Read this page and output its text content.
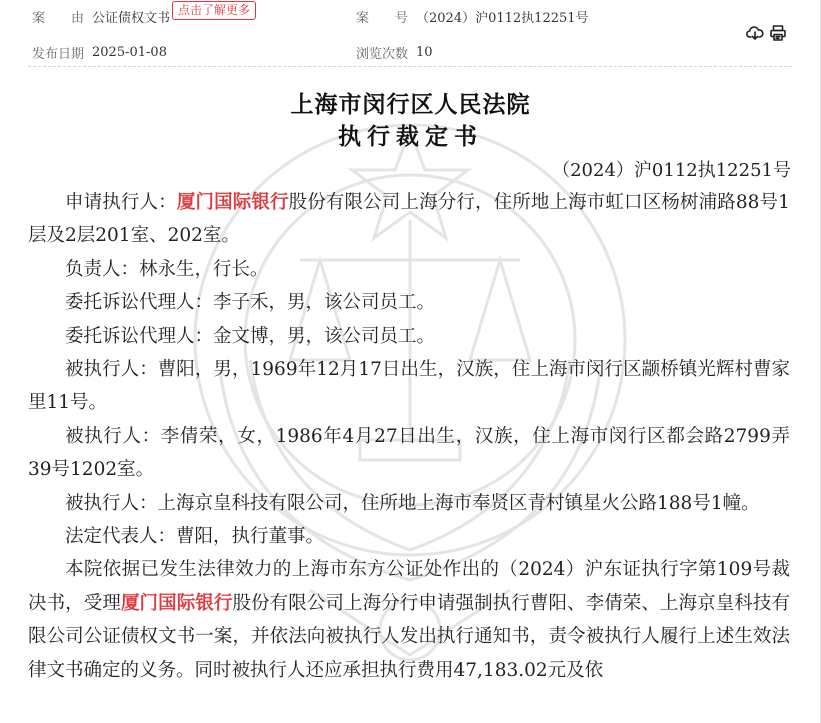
案　　由 公证债权文书
点击了解更多
案　　号 （2024）沪0112执12251号
发布日期 2025-01-08	浏览次数 10
上海市闵行区人民法院
执行裁定书
（2024）沪0112执12251号

申请执行人：厦门国际银行股份有限公司上海分行，住所地上海市虹口区杨树浦路88号1层及2层201室、202室。

负责人：林永生，行长。

委托诉讼代理人：李子禾，男，该公司员工。

委托诉讼代理人：金文博，男，该公司员工。

被执行人：曹阳，男，1969年12月17日出生，汉族，住上海市闵行区颛桥镇光辉村曹家里11号。

被执行人：李倩荣，女，1986年4月27日出生，汉族，住上海市闵行区都会路2799弄39号1202室。

被执行人：上海京皇科技有限公司，住所地上海市奉贤区青村镇星火公路188号1幢。

法定代表人：曹阳，执行董事。

本院依据已发生法律效力的上海市东方公证处作出的（2024）沪东证执行字第109号裁决书，受理厦门国际银行股份有限公司上海分行申请强制执行曹阳、李倩荣、上海京皇科技有限公司公证债权文书一案，并依法向被执行人发出执行通知书，责令被执行人履行上述生效法律文书确定的义务。同时被执行人还应承担执行费用47,183.02元及依
